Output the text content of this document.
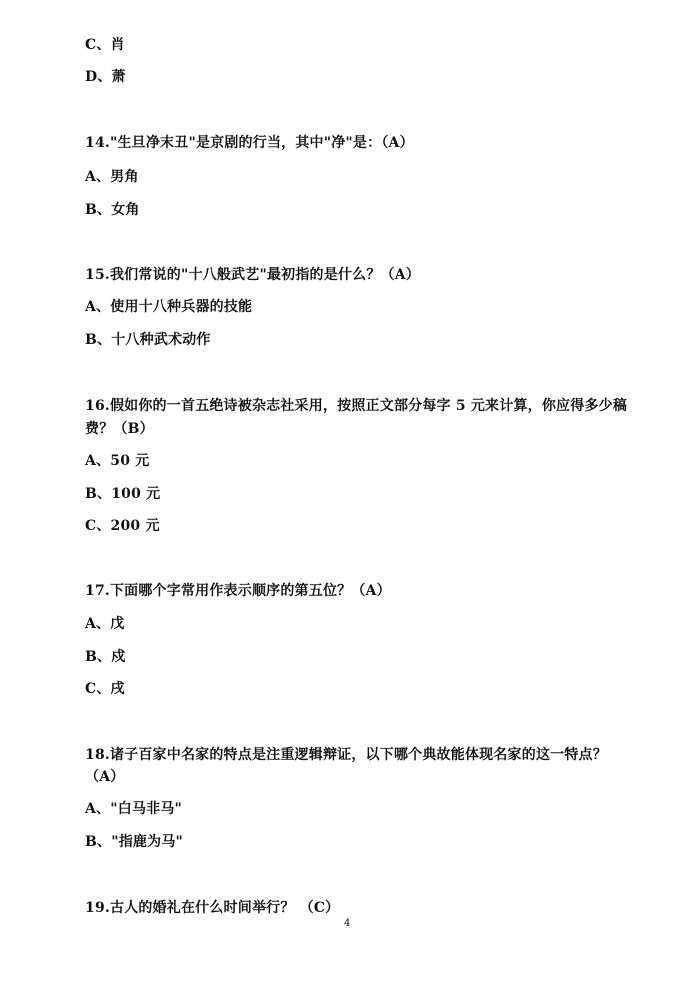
C、肖
D、萧
14."生旦净末丑"是京剧的行当，其中"净"是：（A）
A、男角
B、女角
15.我们常说的"十八般武艺"最初指的是什么？（A）
A、使用十八种兵器的技能
B、十八种武术动作
16.假如你的一首五绝诗被杂志社采用，按照正文部分每字 5 元来计算，你应得多少稿
费？（B）
A、50 元
B、100 元
C、200 元
17.下面哪个字常用作表示顺序的第五位？（A）
A、戊
B、戍
C、戌
18.诸子百家中名家的特点是注重逻辑辩证，以下哪个典故能体现名家的这一特点？
（A）
A、"白马非马"
B、"指鹿为马"
19.古人的婚礼在什么时间举行？ （C）
4
